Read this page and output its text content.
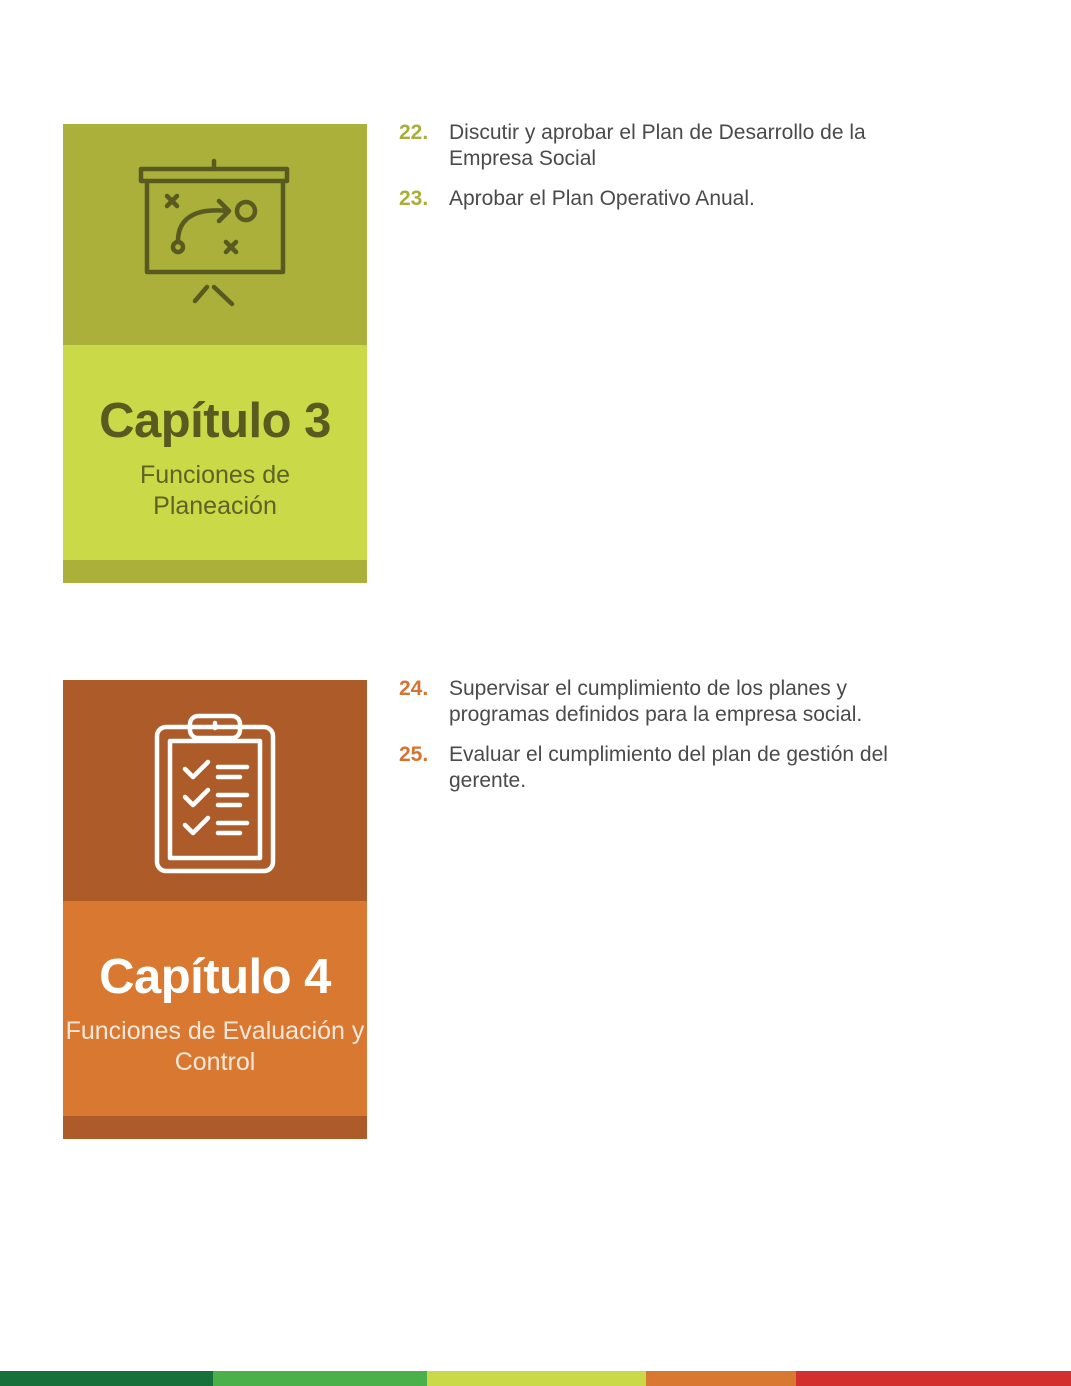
Capítulo 3
Funciones de Planeación
22. Discutir y aprobar el Plan de Desarrollo de la Empresa Social
23. Aprobar el Plan Operativo Anual.
Capítulo 4
Funciones de Evaluación y Control
24. Supervisar el cumplimiento de los planes y programas definidos para la empresa social.
25. Evaluar el cumplimiento del plan de gestión del gerente.
